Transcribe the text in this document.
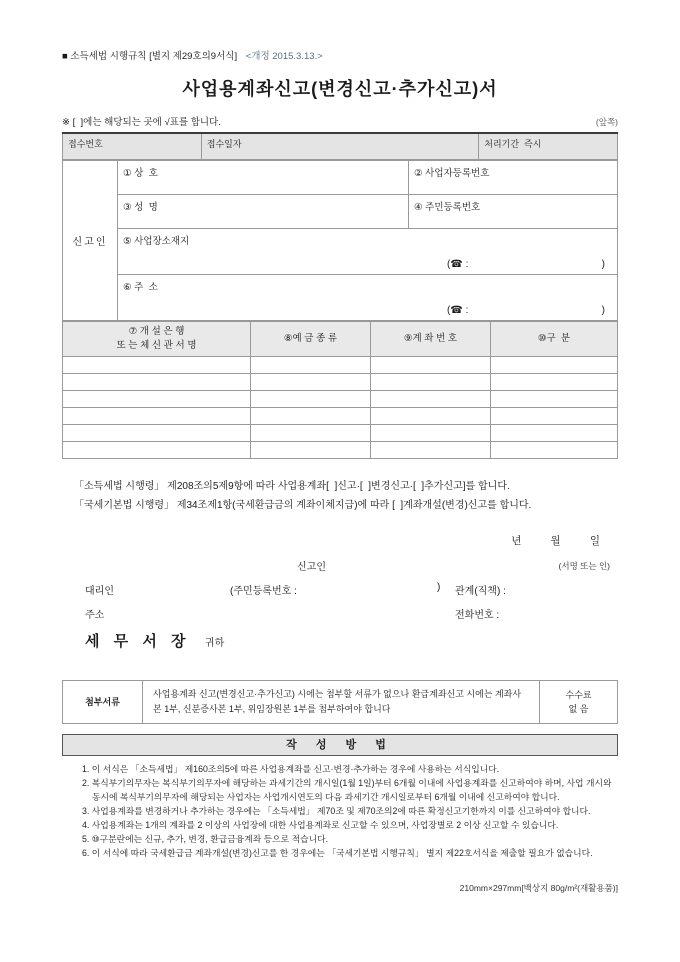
■ 소득세법 시행규칙 [별지 제29호의9서식] <개정 2015.3.13.>
사업용계좌신고(변경신고·추가신고)서
※ [  ]에는 해당되는 곳에 √표를 합니다.	(앞쪽)
접수번호	접수일자	처리기간  즉시
신고인	① 상  호	② 사업자등록번호
	③ 성  명	④ 주민등록번호
	⑤ 사업장소재지
(☎ : )	

	⑥ 주  소
(☎ : )	
⑦ 개 설 은 행
또 는 체 신 관 서 명	⑧예 금 종 류	⑨계 좌 번 호	⑩구  분

「소득세법 시행령」 제208조의5제9항에 따라 사업용계좌[  ]신고·[  ]변경신고·[  ]추가신고]를 합니다.

「국세기본법 시행령」 제34조제1항(국세환급금의 계좌이체지급)에 따라 [  ]계좌개설(변경)신고를 합니다.

년          월          일
신고인	(서명 또는 인)
대리인	(주민등록번호 :	) 관계(직책) :
주소	전화번호 :
세 무 서 장 귀하
첨부서류	사업용계좌 신고(변경신고·추가신고) 시에는 첨부할 서류가 없으나 환급계좌신고 시에는 계좌사본 1부, 신분증사본 1부, 위임장원본 1부를 첨부하여야 합니다	
수수료
없 음
작 성 방 법
1. 이 서식은 「소득세법」 제160조의5에 따른 사업용계좌를 신고·변경·추가하는 경우에 사용하는 서식입니다.
2. 복식부기의무자는 복식부기의무자에 해당하는 과세기간의 개시일(1월 1일)부터 6개월 이내에 사업용계좌를 신고하여야 하며, 사업 개시와 동시에 복식부기의무자에 해당되는 사업자는 사업개시연도의 다음 과세기간 개시일로부터 6개월 이내에 신고하여야 합니다.
3. 사업용계좌를 변경하거나 추가하는 경우에는 「소득세법」 제70조 및 제70조의2에 따른 확정신고기한까지 이를 신고하여야 합니다.
4. 사업용계좌는 1개의 계좌를 2 이상의 사업장에 대한 사업용계좌로 신고할 수 있으며, 사업장별로 2 이상 신고할 수 있습니다.
5. ⑩구분란에는 신규, 추가, 변경, 환급금융계좌 등으로 적습니다.
6. 이 서식에 따라 국세환급금 계좌개설(변경)신고를 한 경우에는 「국세기본법 시행규칙」 별지 제22호서식을 제출할 필요가 없습니다.
210mm×297mm[백상지 80g/m²(재활용품)]
